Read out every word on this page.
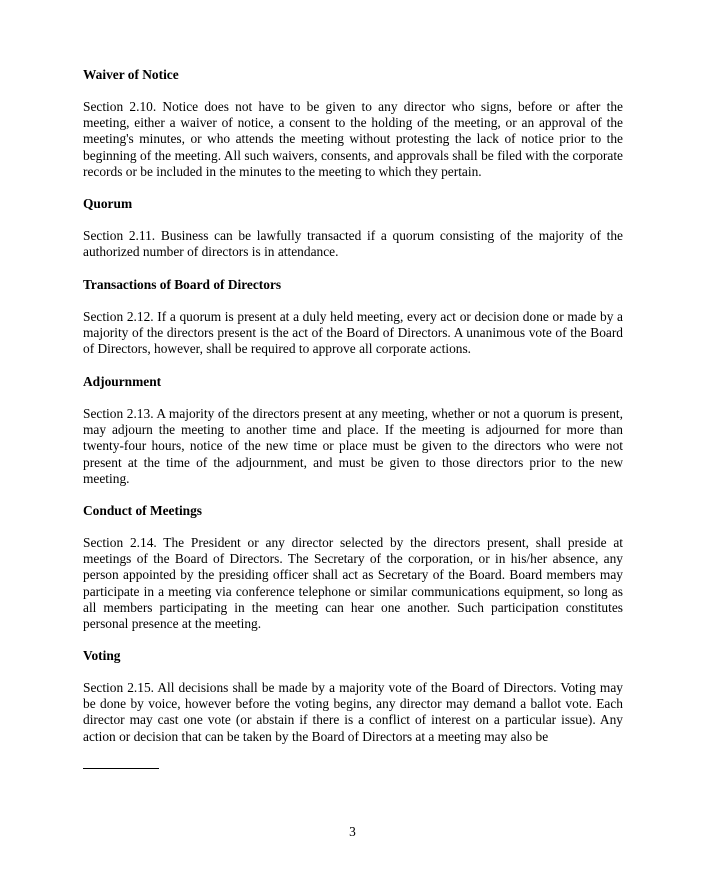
Waiver of Notice

Section 2.10. Notice does not have to be given to any director who signs, before or after the meeting, either a waiver of notice, a consent to the holding of the meeting, or an approval of the meeting's minutes, or who attends the meeting without protesting the lack of notice prior to the beginning of the meeting. All such waivers, consents, and approvals shall be filed with the corporate records or be included in the minutes to the meeting to which they pertain.

Quorum

Section 2.11. Business can be lawfully transacted if a quorum consisting of the majority of the authorized number of directors is in attendance.

Transactions of Board of Directors

Section 2.12. If a quorum is present at a duly held meeting, every act or decision done or made by a majority of the directors present is the act of the Board of Directors. A unanimous vote of the Board of Directors, however, shall be required to approve all corporate actions.

Adjournment

Section 2.13. A majority of the directors present at any meeting, whether or not a quorum is present, may adjourn the meeting to another time and place. If the meeting is adjourned for more than twenty-four hours, notice of the new time or place must be given to the directors who were not present at the time of the adjournment, and must be given to those directors prior to the new meeting.

Conduct of Meetings

Section 2.14. The President or any director selected by the directors present, shall preside at meetings of the Board of Directors. The Secretary of the corporation, or in his/her absence, any person appointed by the presiding officer shall act as Secretary of the Board. Board members may participate in a meeting via conference telephone or similar communications equipment, so long as all members participating in the meeting can hear one another. Such participation constitutes personal presence at the meeting.

Voting

Section 2.15. All decisions shall be made by a majority vote of the Board of Directors. Voting may be done by voice, however before the voting begins, any director may demand a ballot vote. Each director may cast one vote (or abstain if there is a conflict of interest on a particular issue). Any action or decision that can be taken by the Board of Directors at a meeting may also be

3
